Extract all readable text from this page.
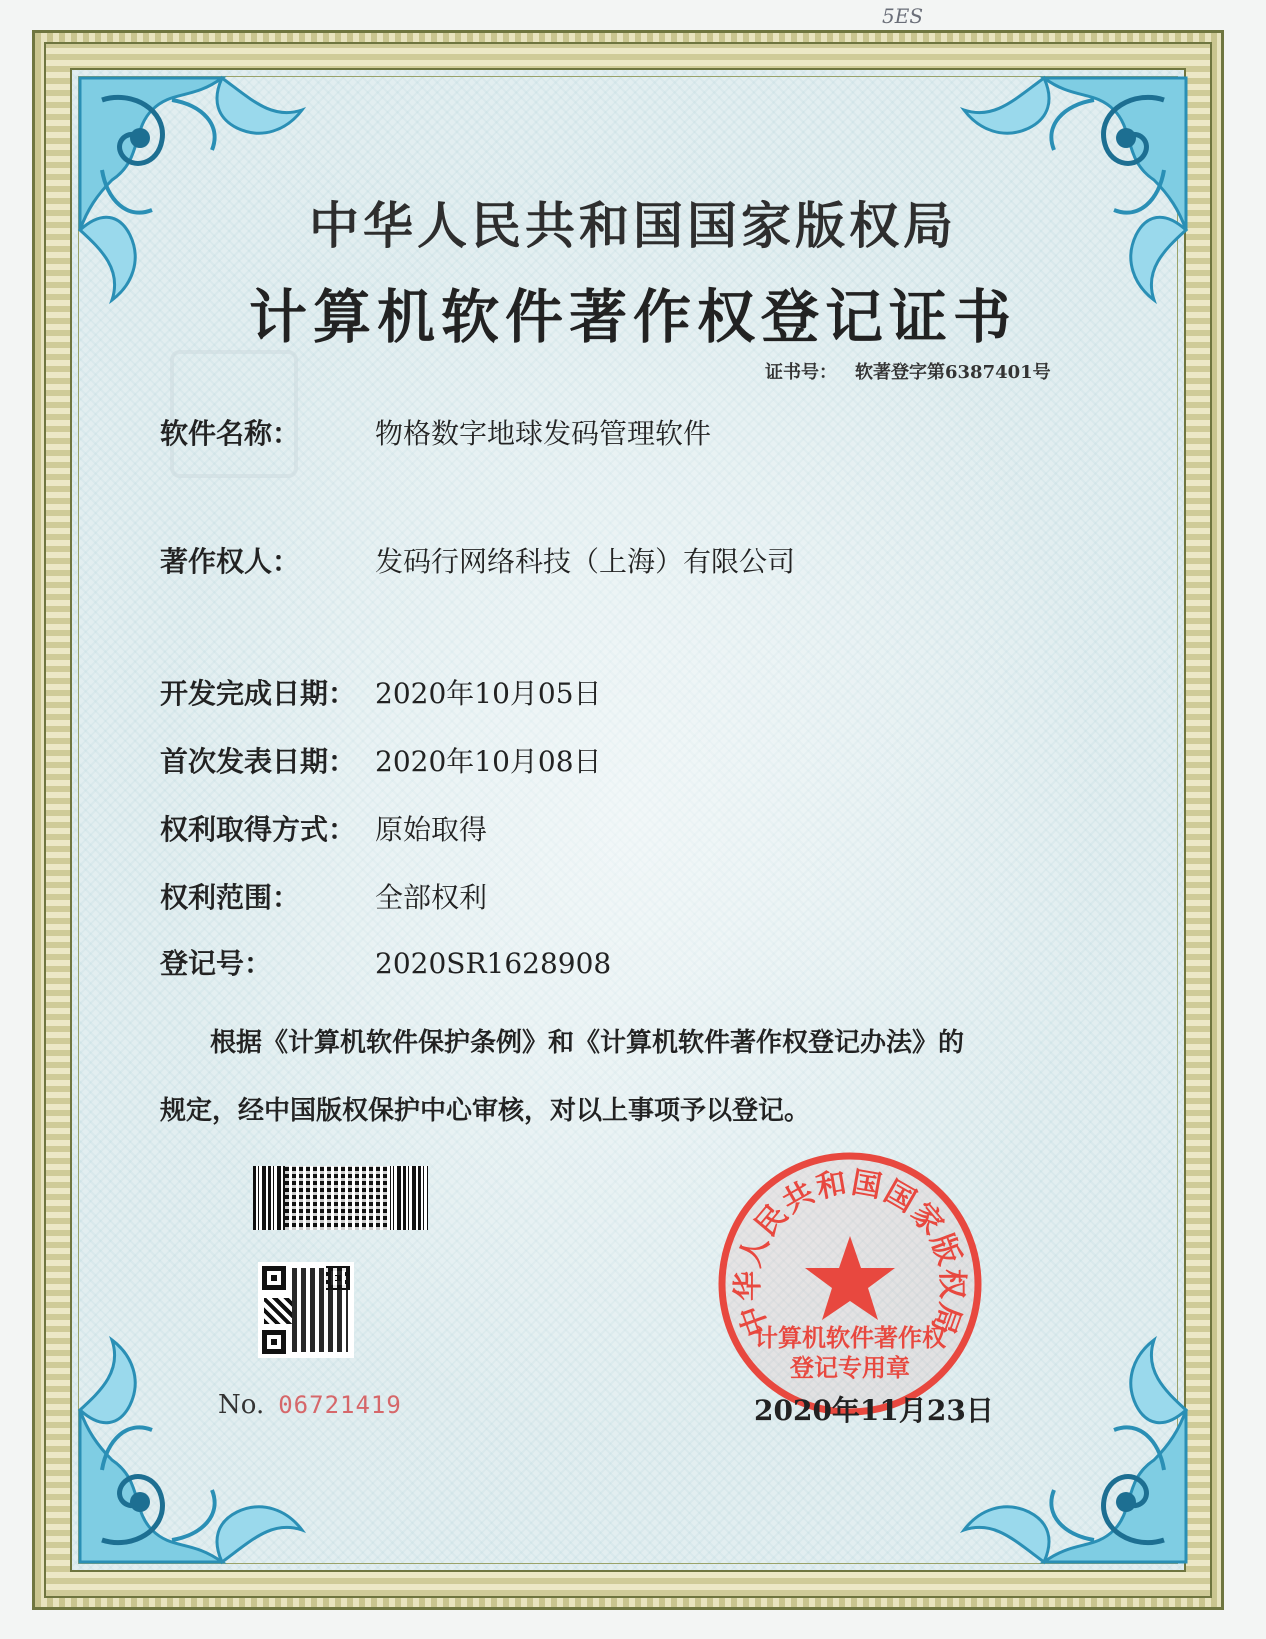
5ES
中华人民共和国国家版权局
计算机软件著作权登记证书
证书号： 软著登字第6387401号
软件名称：	物格数字地球发码管理软件
著作权人：	发码行网络科技（上海）有限公司
开发完成日期： 2020年10月05日
首次发表日期： 2020年10月08日
权利取得方式： 原始取得
权利范围：	全部权利
登记号：	2020SR1628908
根据《计算机软件保护条例》和《计算机软件著作权登记办法》的
规定，经中国版权保护中心审核，对以上事项予以登记。
No. 06721419
中华人民共和国国家版权局
计算机软件著作权
登记专用章
2020年11月23日
